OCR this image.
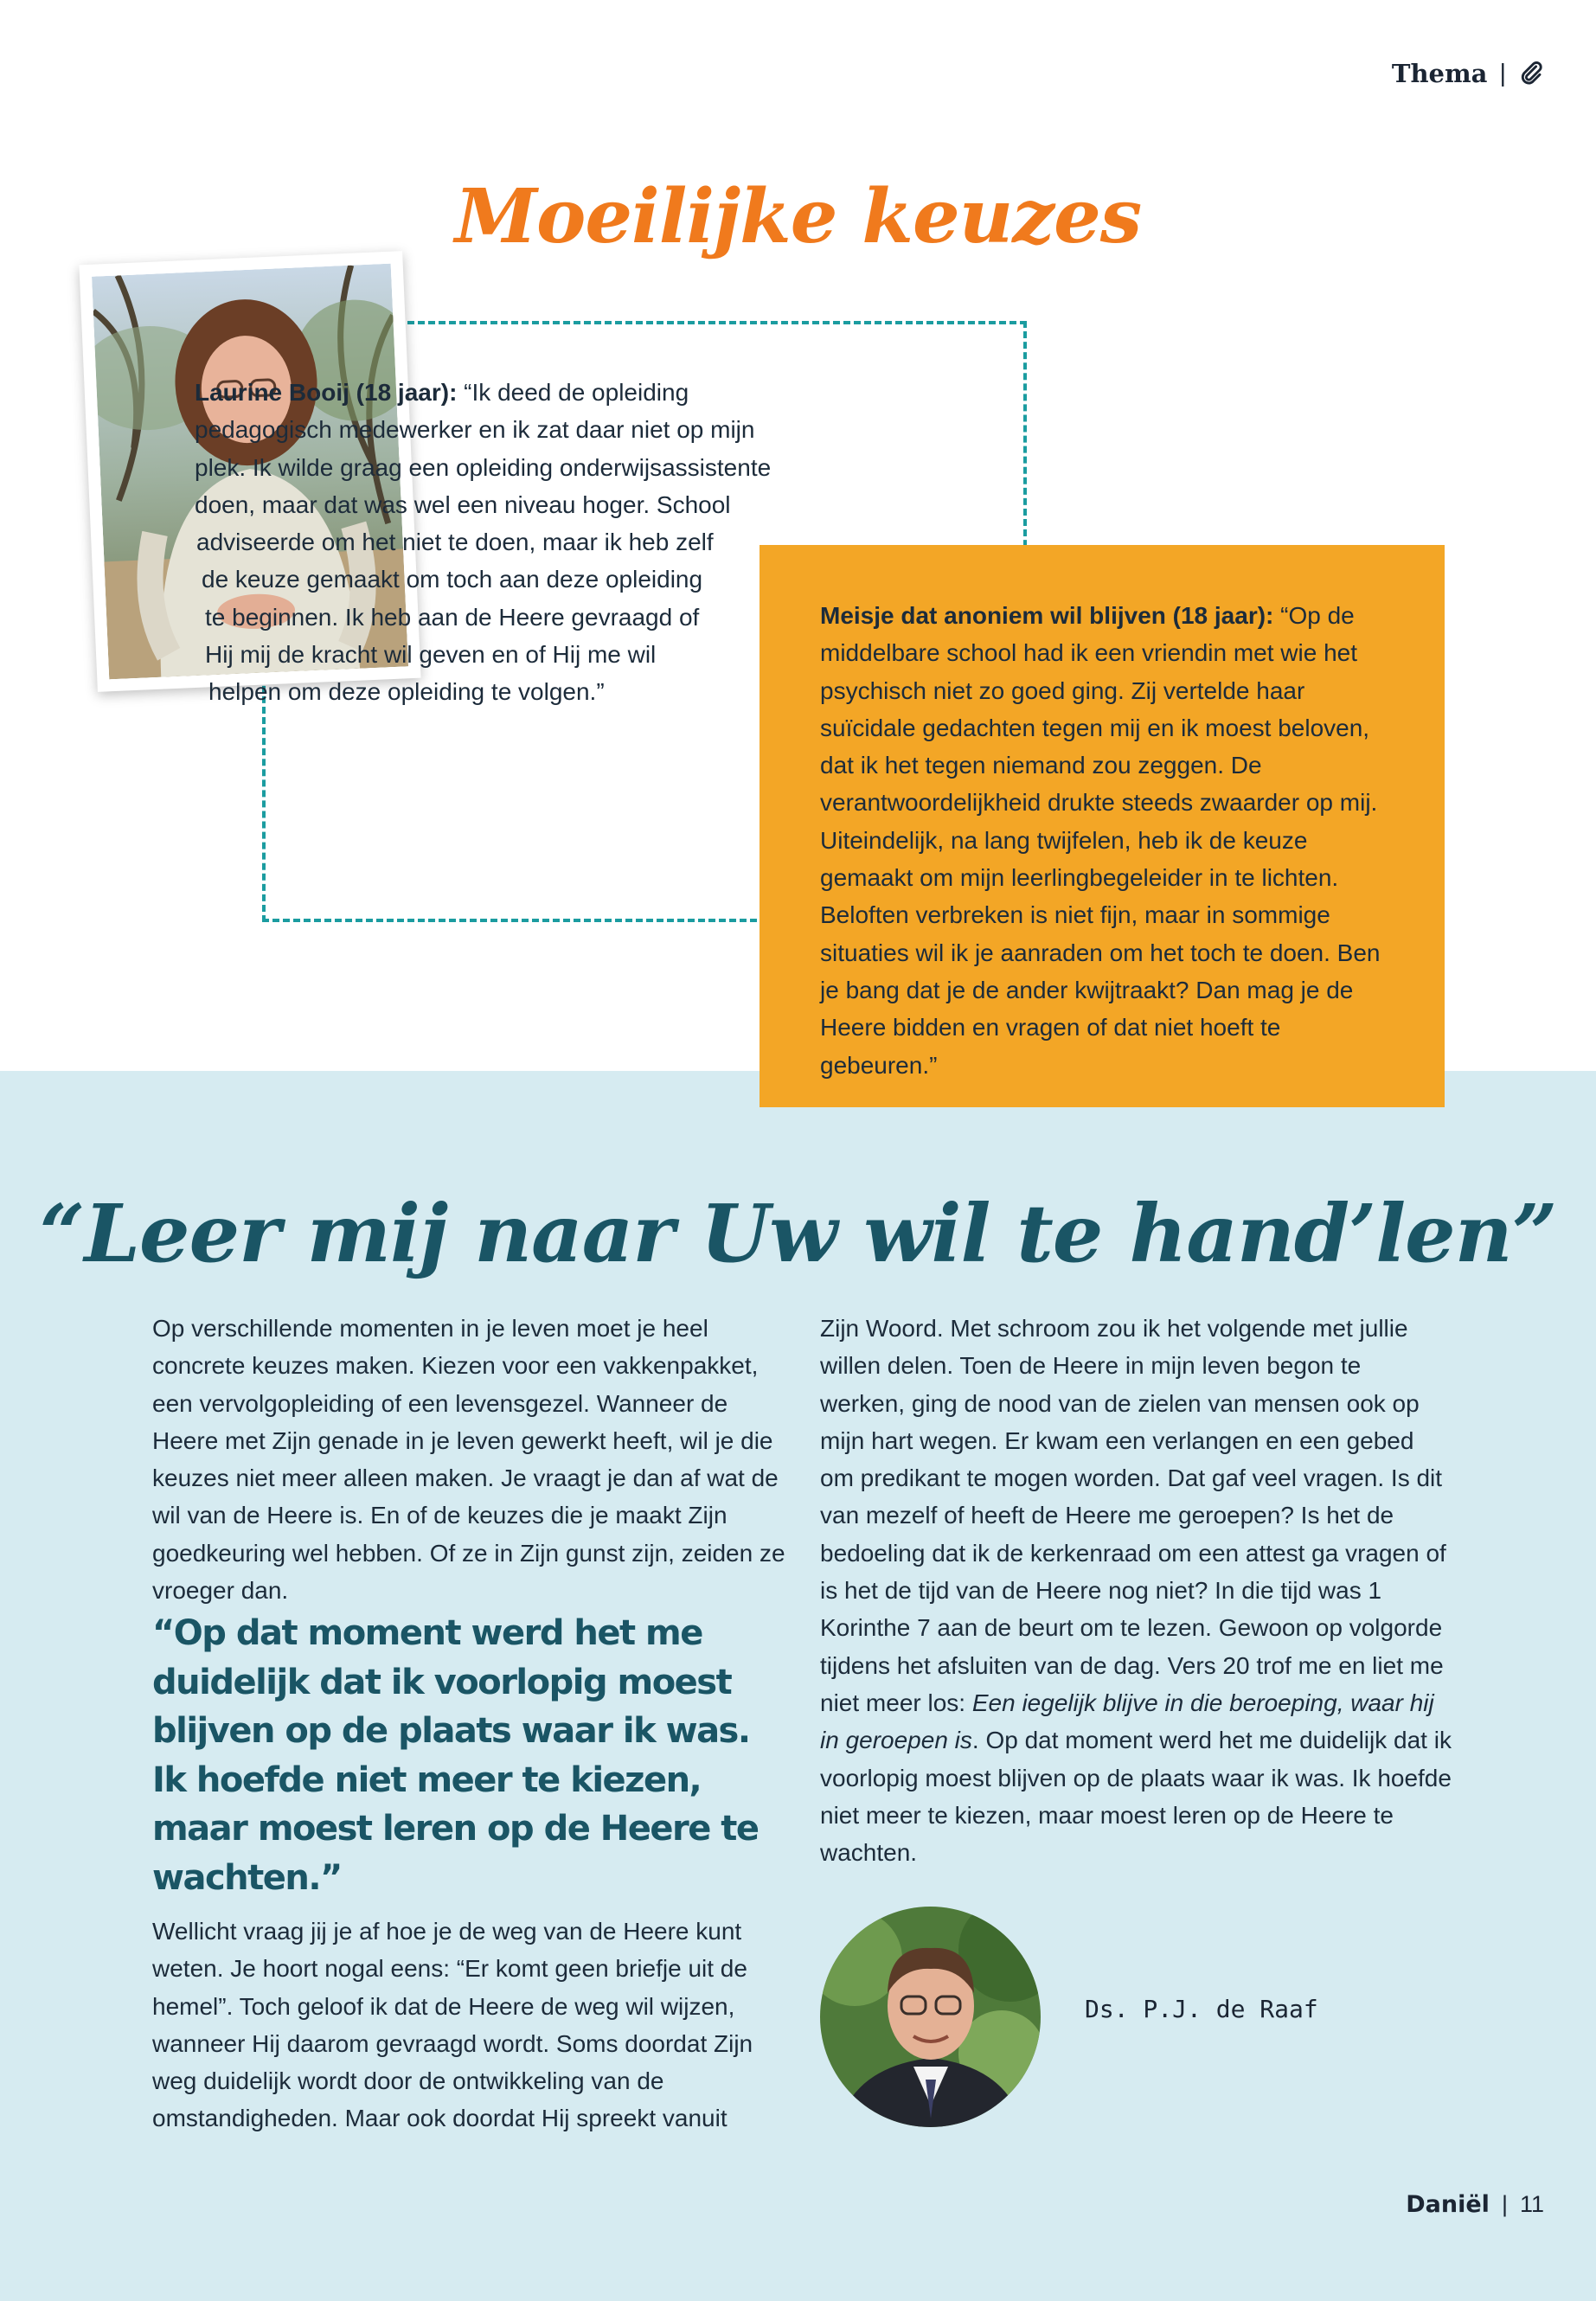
Thema |
Moeilijke keuzes
Laurine Booij (18 jaar): “Ik deed de opleiding pedagogisch medewerker en ik zat daar niet op mijn plek. Ik wilde graag een opleiding onderwijsassistente doen, maar dat was wel een niveau hoger. School adviseerde om het niet te doen, maar ik heb zelf de keuze gemaakt om toch aan deze opleiding te beginnen. Ik heb aan de Heere gevraagd of Hij mij de kracht wil geven en of Hij me wil helpen om deze opleiding te volgen.”
Meisje dat anoniem wil blijven (18 jaar): “Op de middelbare school had ik een vriendin met wie het psychisch niet zo goed ging. Zij vertelde haar suïcidale gedachten tegen mij en ik moest beloven, dat ik het tegen niemand zou zeggen. De verantwoordelijkheid drukte steeds zwaarder op mij. Uiteindelijk, na lang twijfelen, heb ik de keuze gemaakt om mijn leerlingbegeleider in te lichten. Beloften verbreken is niet fijn, maar in sommige situaties wil ik je aanraden om het toch te doen. Ben je bang dat je de ander kwijtraakt? Dan mag je de Heere bidden en vragen of dat niet hoeft te gebeuren.”
“Leer mij naar Uw wil te hand’len”

Op verschillende momenten in je leven moet je heel concrete keuzes maken. Kiezen voor een vakkenpakket, een vervolgopleiding of een levensgezel. Wanneer de Heere met Zijn genade in je leven gewerkt heeft, wil je die keuzes niet meer alleen maken. Je vraagt je dan af wat de wil van de Heere is. En of de keuzes die je maakt Zijn goedkeuring wel hebben. Of ze in Zijn gunst zijn, zeiden ze vroeger dan.

“Op dat moment werd het me duidelijk dat ik voorlopig moest blijven op de plaats waar ik was. Ik hoefde niet meer te kiezen, maar moest leren op de Heere te wachten.”

Wellicht vraag jij je af hoe je de weg van de Heere kunt weten. Je hoort nogal eens: “Er komt geen briefje uit de hemel”. Toch geloof ik dat de Heere de weg wil wijzen, wanneer Hij daarom gevraagd wordt. Soms doordat Zijn weg duidelijk wordt door de ontwikkeling van de omstandigheden. Maar ook doordat Hij spreekt vanuit

Zijn Woord. Met schroom zou ik het volgende met jullie willen delen. Toen de Heere in mijn leven begon te werken, ging de nood van de zielen van mensen ook op mijn hart wegen. Er kwam een verlangen en een gebed om predikant te mogen worden. Dat gaf veel vragen. Is dit van mezelf of heeft de Heere me geroepen? Is het de bedoeling dat ik de kerkenraad om een attest ga vragen of is het de tijd van de Heere nog niet? In die tijd was 1 Korinthe 7 aan de beurt om te lezen. Gewoon op volgorde tijdens het afsluiten van de dag. Vers 20 trof me en liet me niet meer los: Een iegelijk blijve in die beroeping, waar hij in geroepen is. Op dat moment werd het me duidelijk dat ik voorlopig moest blijven op de plaats waar ik was. Ik hoefde niet meer te kiezen, maar moest leren op de Heere te wachten.

Ds. P.J. de Raaf
Daniël | 11
